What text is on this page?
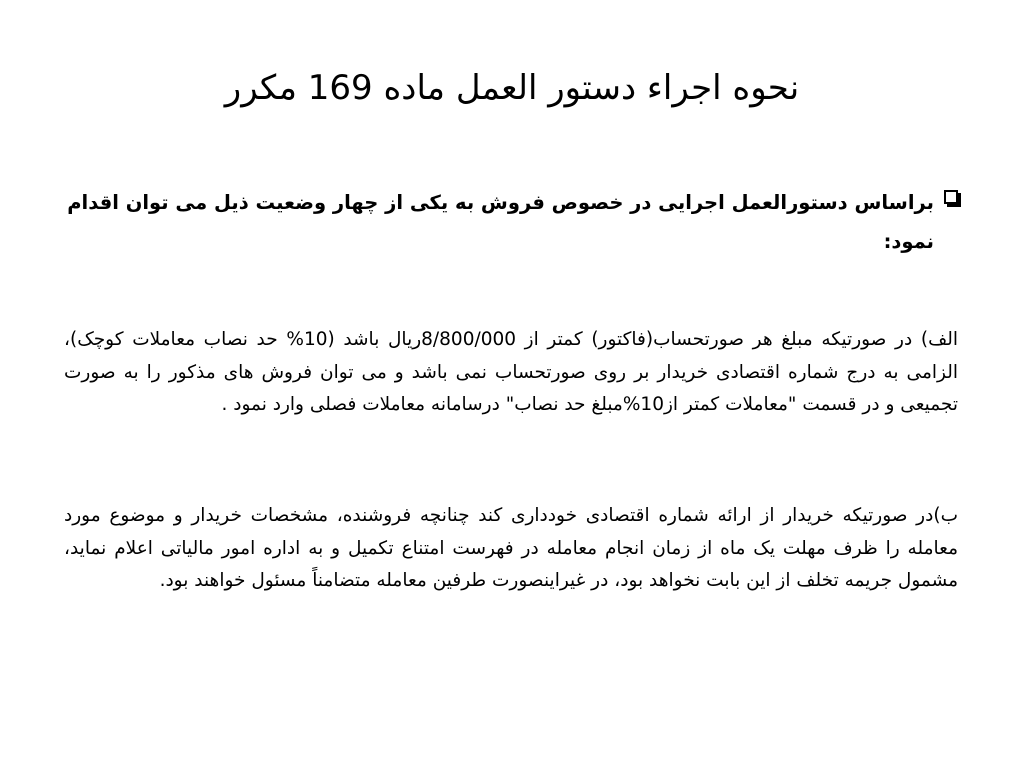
نحوه اجراء دستور العمل ماده 169 مکرر

براساس دستورالعمل اجرایی در خصوص فروش به یکی از چهار وضعیت ذیل می توان اقدام نمود:

الف) در صورتیکه مبلغ هر صورتحساب(فاکتور) کمتر از 8/800/000ریال باشد (10% حد نصاب معاملات کوچک)، الزامی به درج شماره اقتصادی خریدار بر روی صورتحساب نمی باشد و می توان فروش های مذکور را به صورت تجمیعی و در قسمت "معاملات کمتر از10%مبلغ حد نصاب" درسامانه معاملات فصلی وارد نمود .

ب)در صورتیکه خریدار از ارائه شماره اقتصادی خودداری کند چنانچه فروشنده، مشخصات خریدار و موضوع مورد معامله را ظرف مهلت یک ماه از زمان انجام معامله در فهرست امتناع تکمیل و به اداره امور مالیاتی اعلام نماید، مشمول جریمه تخلف از این بابت نخواهد بود، در غیراینصورت طرفین معامله متضامناً مسئول خواهند بود.
